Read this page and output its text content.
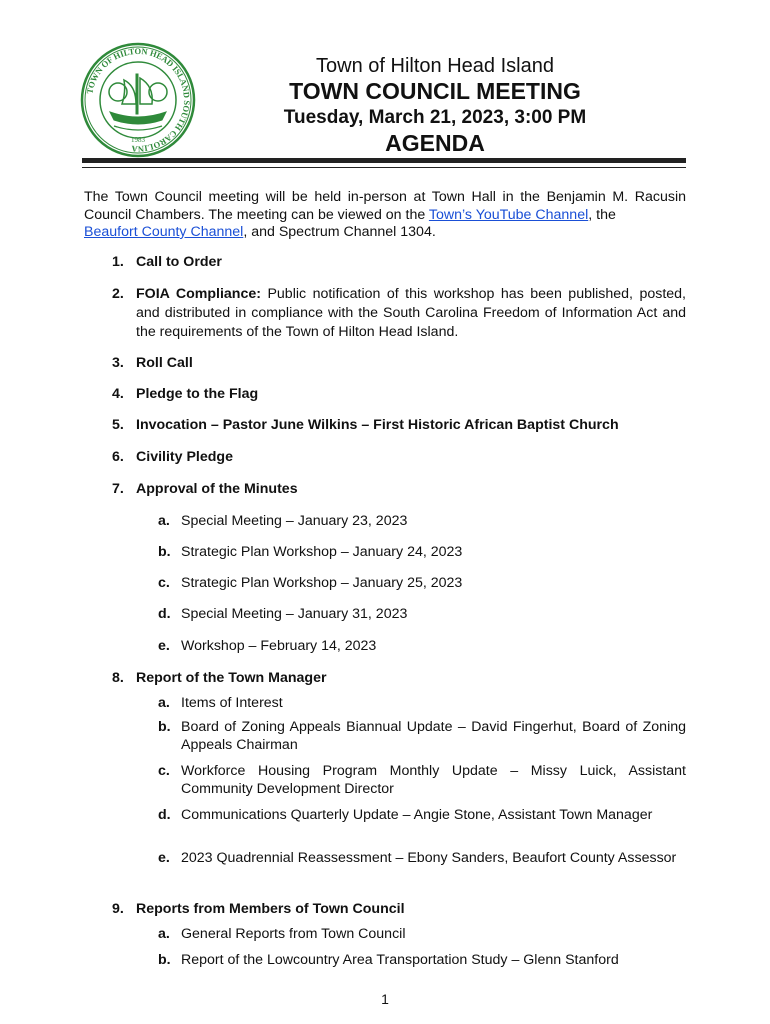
TOWN OF HILTON HEAD ISLAND SOUTH CAROLINA
1983
Town of Hilton Head Island
TOWN COUNCIL MEETING
Tuesday, March 21, 2023, 3:00 PM
AGENDA
The Town Council meeting will be held in-person at Town Hall in the Benjamin M. Racusin Council Chambers. The meeting can be viewed on the Town’s YouTube Channel, the
Beaufort County Channel, and Spectrum Channel 1304.
1. Call to Order
2. FOIA Compliance: Public notification of this workshop has been published, posted, and distributed in compliance with the South Carolina Freedom of Information Act and the requirements of the Town of Hilton Head Island.
3. Roll Call
4. Pledge to the Flag
5. Invocation – Pastor June Wilkins – First Historic African Baptist Church
6. Civility Pledge
7. Approval of the Minutes
a. Special Meeting – January 23, 2023
b. Strategic Plan Workshop – January 24, 2023
c. Strategic Plan Workshop – January 25, 2023
d. Special Meeting – January 31, 2023
e. Workshop – February 14, 2023
8. Report of the Town Manager
a. Items of Interest
b. Board of Zoning Appeals Biannual Update – David Fingerhut, Board of Zoning Appeals Chairman
c. Workforce Housing Program Monthly Update – Missy Luick, Assistant Community Development Director
d. Communications Quarterly Update – Angie Stone, Assistant Town Manager
e. 2023 Quadrennial Reassessment – Ebony Sanders, Beaufort County Assessor
9. Reports from Members of Town Council
a. General Reports from Town Council
b. Report of the Lowcountry Area Transportation Study – Glenn Stanford
1
